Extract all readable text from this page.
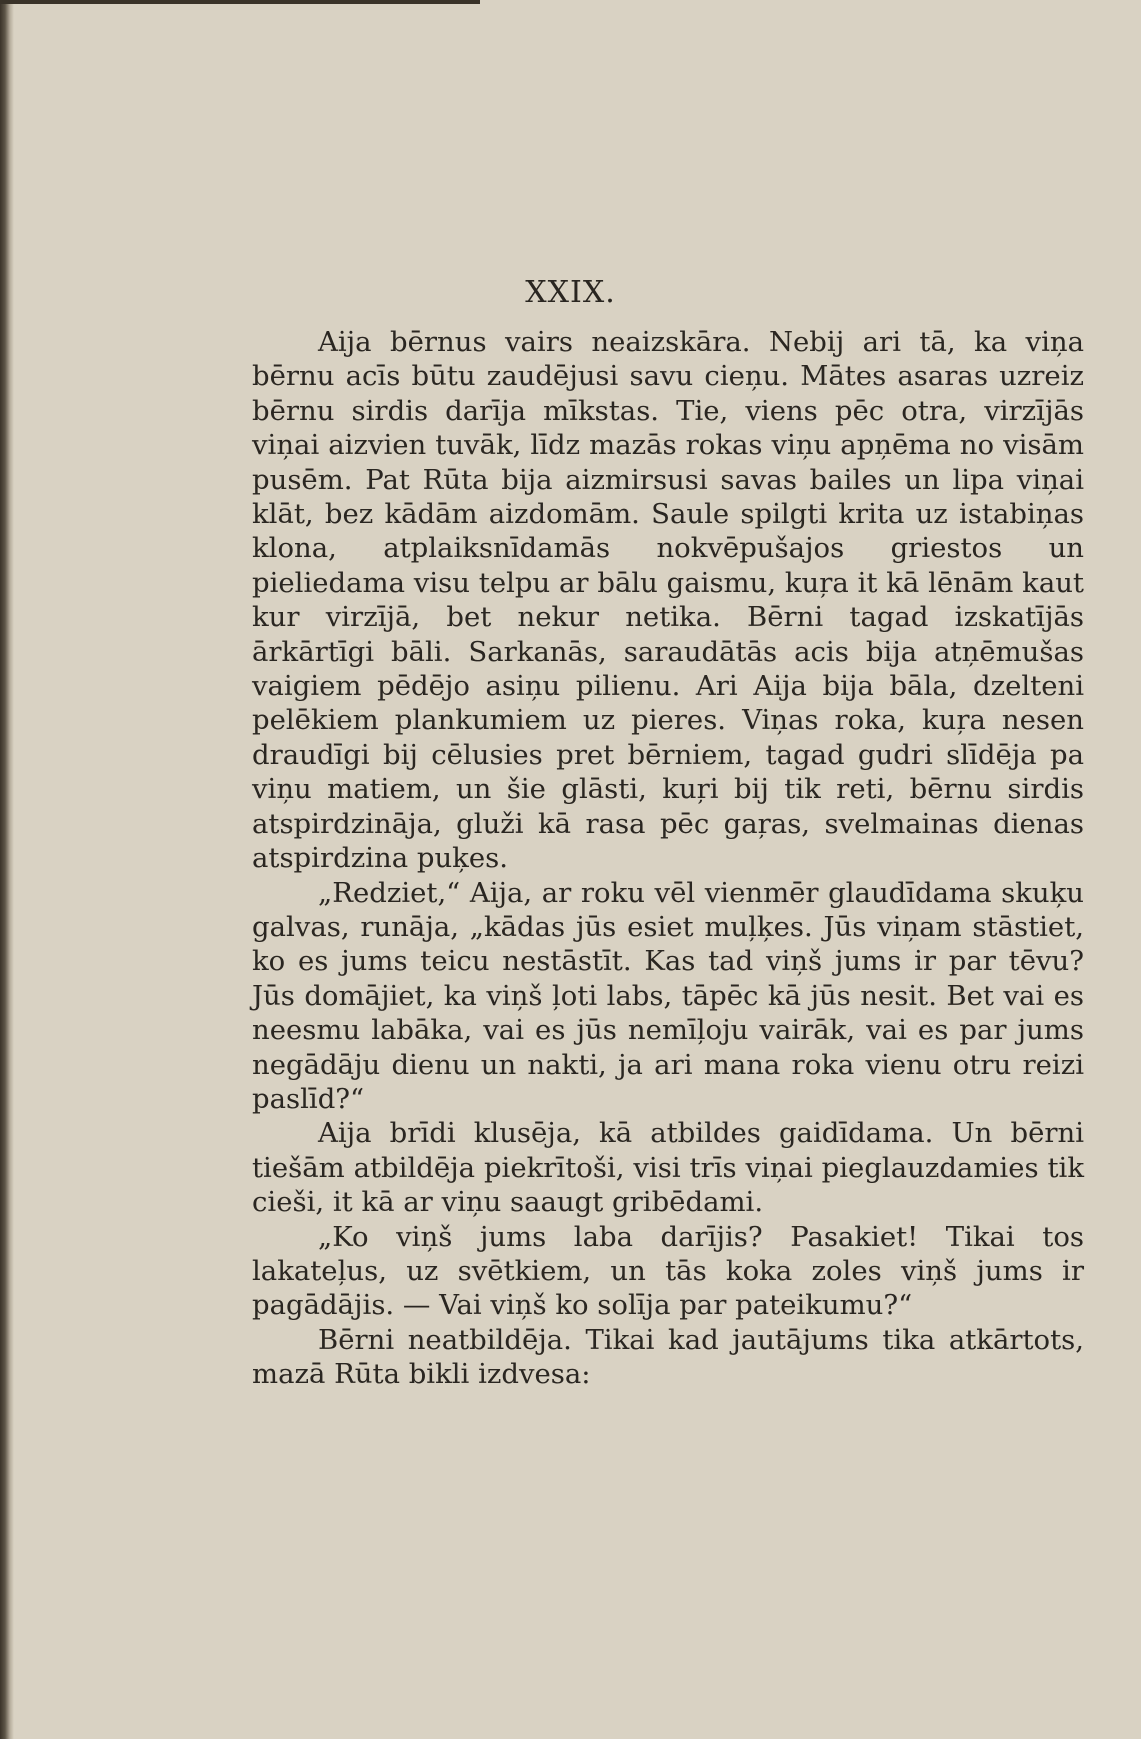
XXIX.

Aija bērnus vairs neaizskāra. Nebij ari tā, ka viņa bērnu acīs būtu zaudējusi savu cieņu. Mātes asaras uzreiz bērnu sirdis darīja mīkstas. Tie, viens pēc otra, virzījās viņai aizvien tuvāk, līdz mazās rokas viņu apņēma no visām pusēm. Pat Rūta bija aizmirsusi savas bailes un lipa viņai klāt, bez kādām aizdomām. Saule spilgti krita uz istabiņas klona, atplaiksnīdamās nokvēpušajos griestos un pieliedama visu telpu ar bālu gaismu, kuŗa it kā lēnām kaut kur virzījā, bet nekur netika. Bērni tagad izskatījās ārkārtīgi bāli. Sarkanās, saraudātās acis bija atņēmušas vaigiem pēdējo asiņu pilienu. Ari Aija bija bāla, dzelteni pelēkiem plankumiem uz pieres. Viņas roka, kuŗa nesen draudīgi bij cēlusies pret bērniem, tagad gudri slīdēja pa viņu matiem, un šie glāsti, kuŗi bij tik reti, bērnu sirdis atspirdzināja, gluži kā rasa pēc gaŗas, svelmainas dienas atspirdzina puķes.

„Redziet,“ Aija, ar roku vēl vienmēr glaudīdama skuķu galvas, runāja, „kādas jūs esiet muļķes. Jūs viņam stāstiet, ko es jums teicu nestāstīt. Kas tad viņš jums ir par tēvu? Jūs domājiet, ka viņš ļoti labs, tāpēc kā jūs nesit. Bet vai es neesmu labāka, vai es jūs nemīļoju vairāk, vai es par jums negādāju dienu un nakti, ja ari mana roka vienu otru reizi paslīd?“

Aija brīdi klusēja, kā atbildes gaidīdama. Un bērni tiešām atbildēja piekrītoši, visi trīs viņai pieglauzdamies tik cieši, it kā ar viņu saaugt gribēdami.

„Ko viņš jums laba darījis? Pasakiet! Tikai tos lakateļus, uz svētkiem, un tās koka zoles viņš jums ir pagādājis. — Vai viņš ko solīja par pateikumu?“

Bērni neatbildēja. Tikai kad jautājums tika atkārtots, mazā Rūta bikli izdvesa:
